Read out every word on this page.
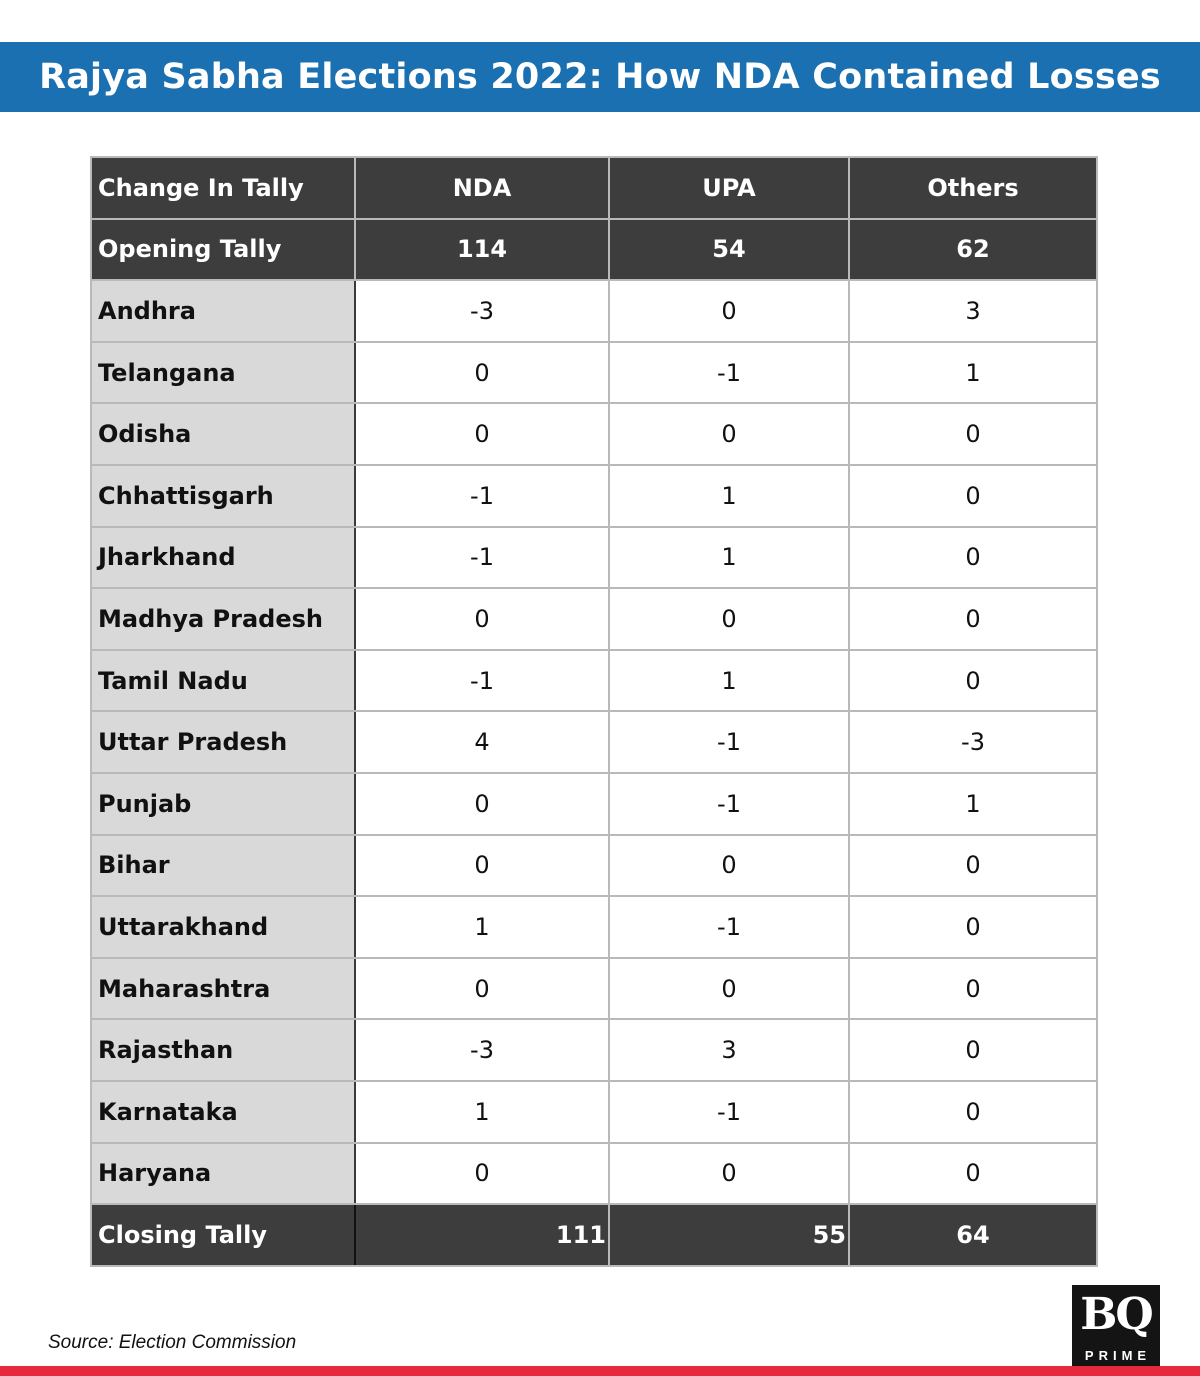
Rajya Sabha Elections 2022: How NDA Contained Losses
Change In Tally	NDA	UPA	Others
Opening Tally	114	54	62
Andhra	-3	0	3
Telangana	0	-1	1
Odisha	0	0	0
Chhattisgarh	-1	1	0
Jharkhand	-1	1	0
Madhya Pradesh	0	0	0
Tamil Nadu	-1	1	0
Uttar Pradesh	4	-1	-3
Punjab	0	-1	1
Bihar	0	0	0
Uttarakhand	1	-1	0
Maharashtra	0	0	0
Rajasthan	-3	3	0
Karnataka	1	-1	0
Haryana	0	0	0
Closing Tally	111	55	64
Source: Election Commission
BQ
PRIME
